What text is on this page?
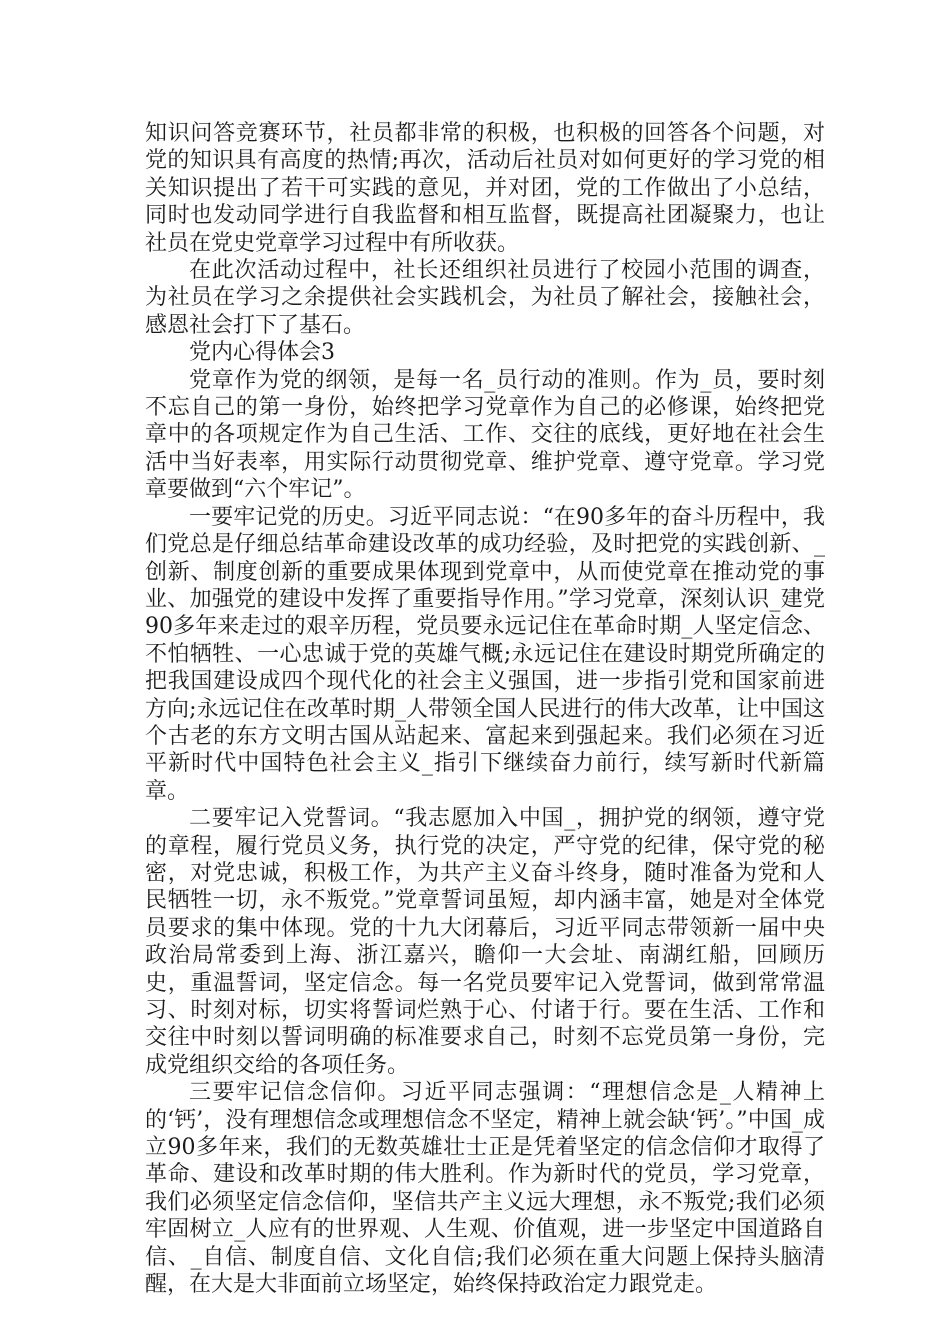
知识问答竞赛环节，社员都非常的积极，也积极的回答各个问题，对党的知识具有高度的热情;再次，活动后社员对如何更好的学习党的相关知识提出了若干可实践的意见，并对团，党的工作做出了小总结，同时也发动同学进行自我监督和相互监督，既提高社团凝聚力，也让社员在党史党章学习过程中有所收获。

在此次活动过程中，社长还组织社员进行了校园小范围的调查，为社员在学习之余提供社会实践机会，为社员了解社会，接触社会，感恩社会打下了基石。

党内心得体会3

党章作为党的纲领，是每一名_员行动的准则。作为_员，要时刻不忘自己的第一身份，始终把学习党章作为自己的必修课，始终把党章中的各项规定作为自己生活、工作、交往的底线，更好地在社会生活中当好表率，用实际行动贯彻党章、维护党章、遵守党章。学习党章要做到“六个牢记”。

一要牢记党的历史。习近平同志说：“在90多年的奋斗历程中，我们党总是仔细总结革命建设改革的成功经验，及时把党的实践创新、_创新、制度创新的重要成果体现到党章中，从而使党章在推动党的事业、加强党的建设中发挥了重要指导作用。”学习党章，深刻认识_建党90多年来走过的艰辛历程，党员要永远记住在革命时期_人坚定信念、不怕牺牲、一心忠诚于党的英雄气概;永远记住在建设时期党所确定的把我国建设成四个现代化的社会主义强国，进一步指引党和国家前进方向;永远记住在改革时期_人带领全国人民进行的伟大改革，让中国这个古老的东方文明古国从站起来、富起来到强起来。我们必须在习近平新时代中国特色社会主义_指引下继续奋力前行，续写新时代新篇章。

二要牢记入党誓词。“我志愿加入中国_，拥护党的纲领，遵守党的章程，履行党员义务，执行党的决定，严守党的纪律，保守党的秘密，对党忠诚，积极工作，为共产主义奋斗终身，随时准备为党和人民牺牲一切，永不叛党。”党章誓词虽短，却内涵丰富，她是对全体党员要求的集中体现。党的十九大闭幕后，习近平同志带领新一届中央政治局常委到上海、浙江嘉兴，瞻仰一大会址、南湖红船，回顾历史，重温誓词，坚定信念。每一名党员要牢记入党誓词，做到常常温习、时刻对标，切实将誓词烂熟于心、付诸于行。要在生活、工作和交往中时刻以誓词明确的标准要求自己，时刻不忘党员第一身份，完成党组织交给的各项任务。

三要牢记信念信仰。习近平同志强调：“理想信念是_人精神上的‘钙’，没有理想信念或理想信念不坚定，精神上就会缺‘钙’。”中国_成立90多年来，我们的无数英雄壮士正是凭着坚定的信念信仰才取得了革命、建设和改革时期的伟大胜利。作为新时代的党员，学习党章，我们必须坚定信念信仰，坚信共产主义远大理想，永不叛党;我们必须牢固树立_人应有的世界观、人生观、价值观，进一步坚定中国道路自信、_自信、制度自信、文化自信;我们必须在重大问题上保持头脑清醒，在大是大非面前立场坚定，始终保持政治定力跟党走。
